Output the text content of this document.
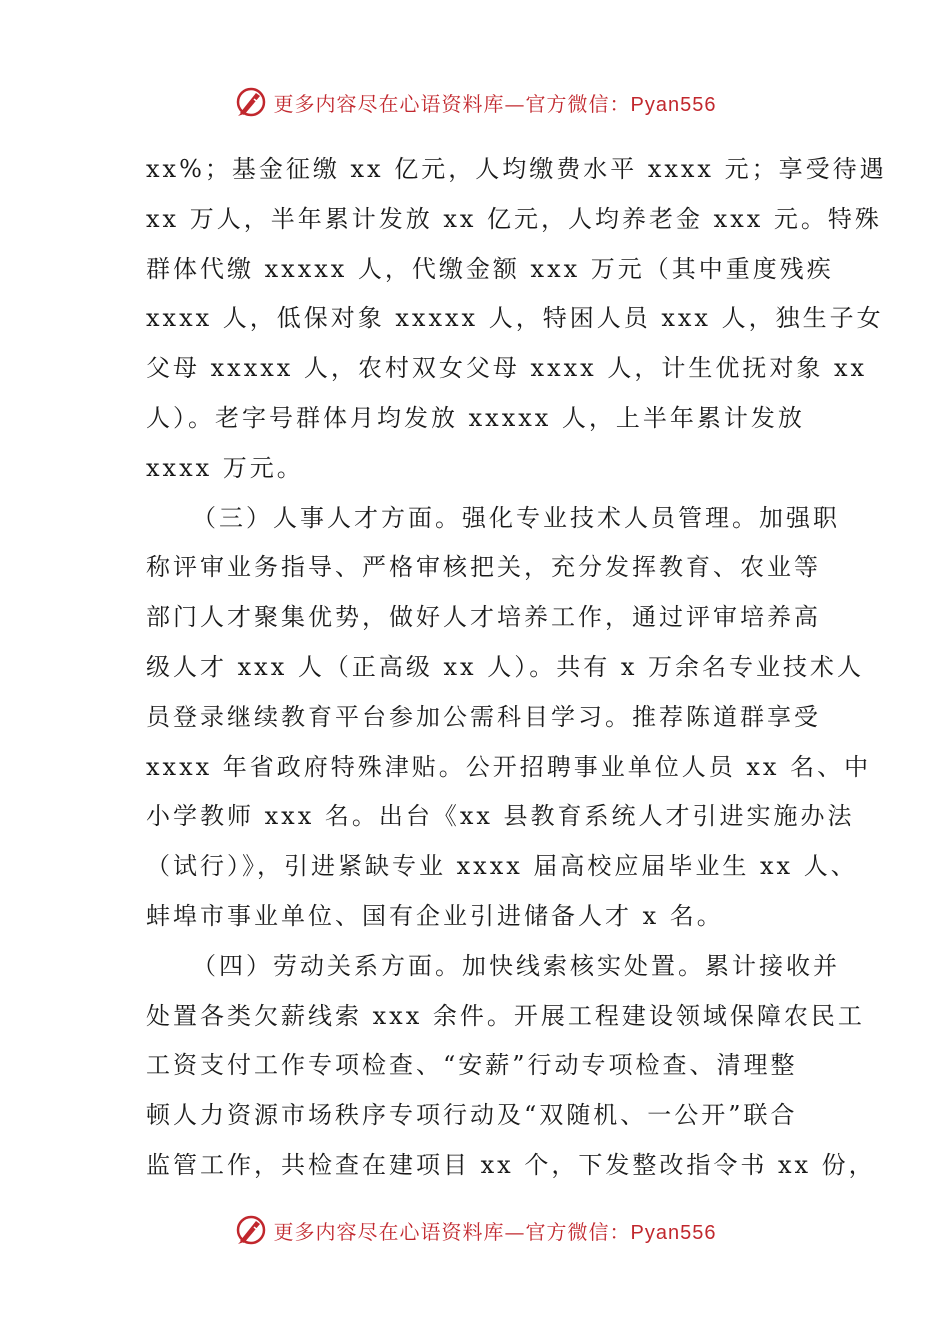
更多内容尽在心语资料库—官方微信：Pyan556
xx%；基金征缴 xx 亿元，人均缴费水平 xxxx 元；享受待遇
xx 万人，半年累计发放 xx 亿元，人均养老金 xxx 元。特殊
群体代缴 xxxxx 人，代缴金额 xxx 万元（其中重度残疾
xxxx 人，低保对象 xxxxx 人，特困人员 xxx 人，独生子女
父母 xxxxx 人，农村双女父母 xxxx 人，计生优抚对象 xx
人）。老字号群体月均发放 xxxxx 人，上半年累计发放
xxxx 万元。
（三）人事人才方面。强化专业技术人员管理。加强职
称评审业务指导、严格审核把关，充分发挥教育、农业等
部门人才聚集优势，做好人才培养工作，通过评审培养高
级人才 xxx 人（正高级 xx 人）。共有 x 万余名专业技术人
员登录继续教育平台参加公需科目学习。推荐陈道群享受
xxxx 年省政府特殊津贴。公开招聘事业单位人员 xx 名、中
小学教师 xxx 名。出台《xx 县教育系统人才引进实施办法
（试行）》，引进紧缺专业 xxxx 届高校应届毕业生 xx 人、
蚌埠市事业单位、国有企业引进储备人才 x 名。
（四）劳动关系方面。加快线索核实处置。累计接收并
处置各类欠薪线索 xxx 余件。开展工程建设领域保障农民工
工资支付工作专项检查、“安薪”行动专项检查、清理整
顿人力资源市场秩序专项行动及“双随机、一公开”联合
监管工作，共检查在建项目 xx 个，下发整改指令书 xx 份，
更多内容尽在心语资料库—官方微信：Pyan556
